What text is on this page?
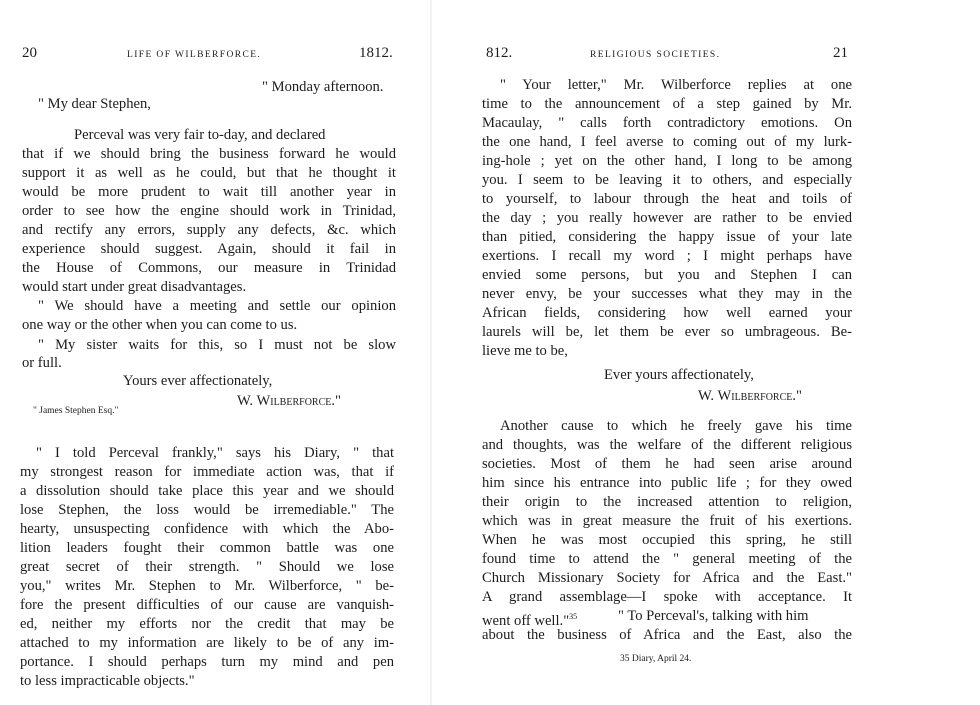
20	LIFE OF WILBERFORCE.	1812.
" Monday afternoon.
" My dear Stephen,
Perceval was very fair to-day, and declared
that if we should bring the business forward he would
support it as well as he could, but that he thought it
would be more prudent to wait till another year in
order to see how the engine should work in Trinidad,
and rectify any errors, supply any defects, &c. which
experience should suggest. Again, should it fail in
the House of Commons, our measure in Trinidad
would start under great disadvantages.
" We should have a meeting and settle our opinion
one way or the other when you can come to us.
" My sister waits for this, so I must not be slow
or full.
Yours ever affectionately,
W. Wilberforce."
" James Stephen Esq."
" I told Perceval frankly," says his Diary, " that
my strongest reason for immediate action was, that if
a dissolution should take place this year and we should
lose Stephen, the loss would be irremediable." The
hearty, unsuspecting confidence with which the Abo-
lition leaders fought their common battle was one
great secret of their strength. " Should we lose
you," writes Mr. Stephen to Mr. Wilberforce, " be-
fore the present difficulties of our cause are vanquish-
ed, neither my efforts nor the credit that may be
attached to my information are likely to be of any im-
portance. I should perhaps turn my mind and pen
to less impracticable objects."
812.	RELIGIOUS SOCIETIES.	21
" Your letter," Mr. Wilberforce replies at one
time to the announcement of a step gained by Mr.
Macaulay, " calls forth contradictory emotions. On
the one hand, I feel averse to coming out of my lurk-
ing-hole ; yet on the other hand, I long to be among
you. I seem to be leaving it to others, and especially
to yourself, to labour through the heat and toils of
the day ; you really however are rather to be envied
than pitied, considering the happy issue of your late
exertions. I recall my word ; I might perhaps have
envied some persons, but you and Stephen I can
never envy, be your successes what they may in the
African fields, considering how well earned your
laurels will be, let them be ever so umbrageous. Be-
lieve me to be,
Ever yours affectionately,
W. Wilberforce."
Another cause to which he freely gave his time
and thoughts, was the welfare of the different religious
societies. Most of them he had seen arise around
him since his entrance into public life ; for they owed
their origin to the increased attention to religion,
which was in great measure the fruit of his exertions.
When he was most occupied this spring, he still
found time to attend the " general meeting of the
Church Missionary Society for Africa and the East."
A grand assemblage—I spoke with acceptance. It
went off well."$^{35}$	" To Perceval's, talking with him
about the business of Africa and the East, also the
35 Diary, April 24.
